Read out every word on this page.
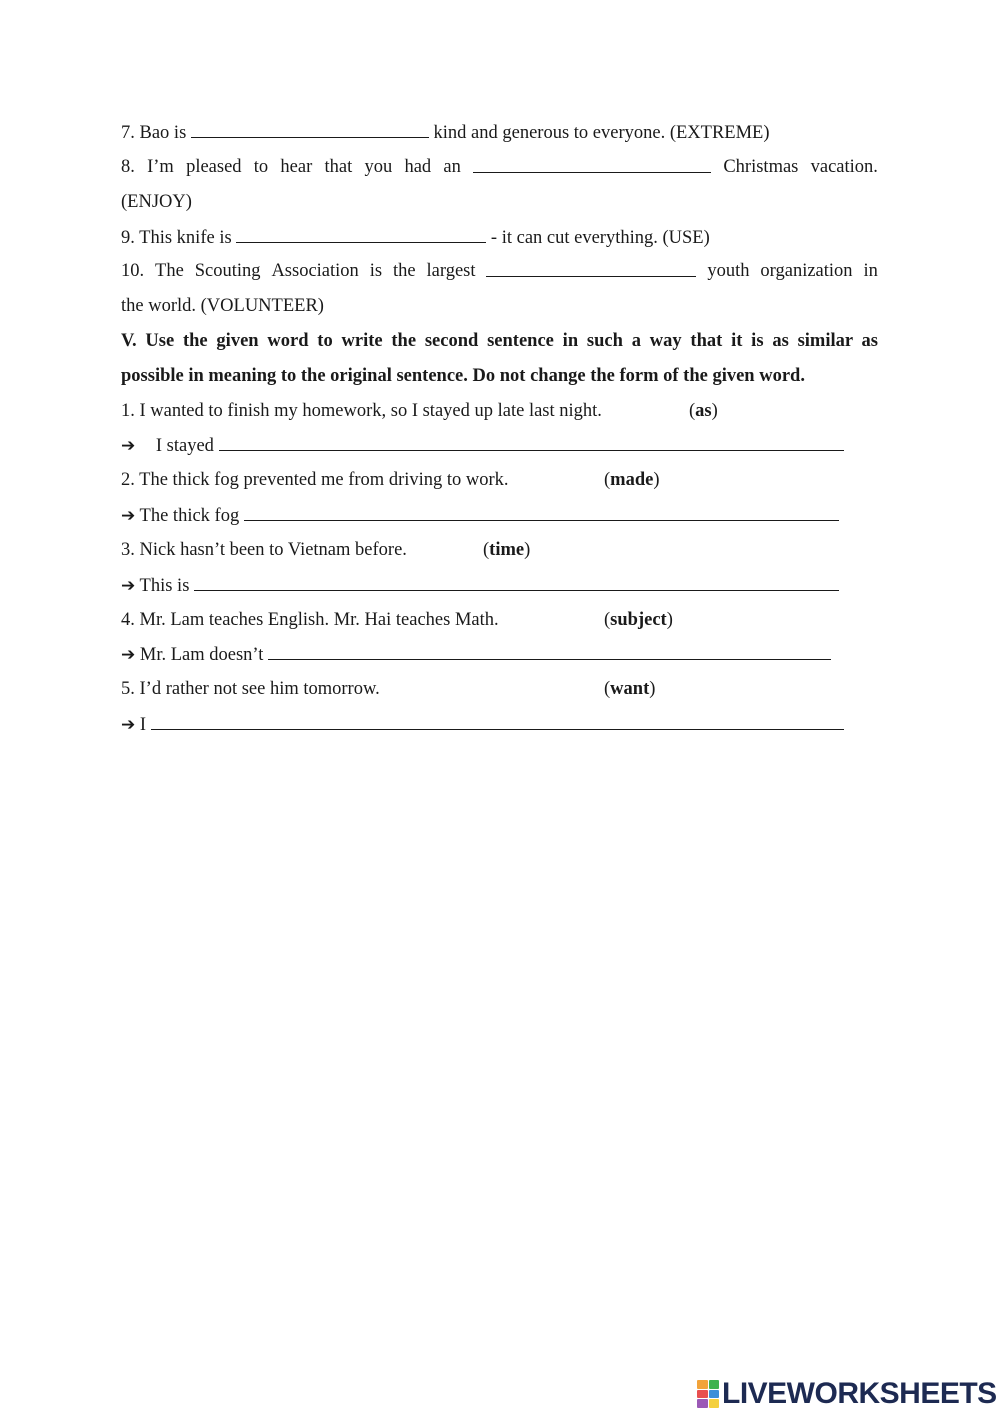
7. Bao is	kind and generous to everyone. (EXTREME)
8. I’m pleased to hear that you had an	Christmas vacation.
(ENJOY)
9. This knife is	- it can cut everything. (USE)
10. The Scouting Association is the largest	youth organization in
the world. (VOLUNTEER)
V. Use the given word to write the second sentence in such a way that it is as similar as
possible in meaning to the original sentence. Do not change the form of the given word.
1. I wanted to finish my homework, so I stayed up late last night.	(as)
➔ I stayed
2. The thick fog prevented me from driving to work.	(made)
➔ The thick fog
3. Nick hasn’t been to Vietnam before.	(time)
➔ This is
4. Mr. Lam teaches English. Mr. Hai teaches Math.	(subject)
➔ Mr. Lam doesn’t
5. I’d rather not see him tomorrow.	(want)
➔ I
LIVEWORKSHEETS
